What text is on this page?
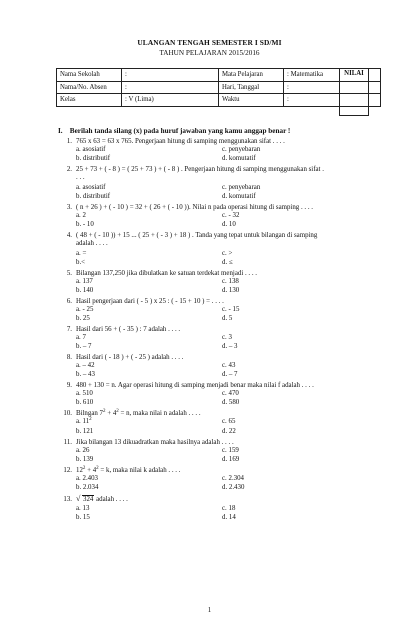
ULANGAN TENGAH SEMESTER I SD/MI
TAHUN PELAJARAN 2015/2016
Nama Sekolah	:	Mata Pelajaran	: Matematika
Nama/No. Absen	:	Hari, Tanggal	:
Kelas	: V (Lima)	Waktu	:
NILAI
I. Berilah tanda silang (x) pada huruf jawaban yang kamu anggap benar !
1. 765 x 63 = 63 x 765. Pengerjaan hitung di samping menggunakan sifat . . . .
a. asosiatif	c. penyebaran
b. distributif	d. komutatif
2. 25 + 73 + ( - 8 ) = ( 25 + 73 ) + ( - 8 ) . Pengerjaan hitung di samping menggunakan sifat .
. . .
a. asosiatif	c. penyebaran
b. distributif	d. komutatif
3. ( n + 26 ) + ( - 10 ) = 32 + ( 26 + ( - 10 )). Nilai n pada operasi hitung di samping . . . .
a. 2	c. - 32
b. - 10	d. 10
4. ( 48 + ( - 10 )) + 15 ... ( 25 + ( - 3 ) + 18 ) . Tanda yang tepat untuk bilangan di samping
adalah . . . .
a. =	c. >
b.<	d. ≤
5. Bilangan 137,250 jika dibulatkan ke satuan terdekat menjadi . . . .
a. 137	c. 138
b. 140	d. 130
6. Hasil pengerjaan dari ( - 5 ) x 25 : ( - 15 + 10 ) = . . . .
a. - 25	c. - 15
b. 25	d. 5
7. Hasil dari 56 + ( - 35 ) : 7 adalah . . . .
a. 7	c. 3
b. – 7	d. – 3
8. Hasil dari ( - 18 ) + ( - 25 ) adalah . . . .
a. – 42	c. 43
b. – 43	d. – 7
9. 480 + 130 = n. Agar operasi hitung di samping menjadi benar maka nilai f adalah . . . .
a. 510	c. 470
b. 610	d. 580
10. Bilngan $7^2 + 4^2 = n$, maka nilai n adalah . . . .
a. $11^2$	c. 65
b. 121	d. 22
11. Jika bilangan 13 dikuadratkan maka hasilnya adalah . . . .
a. 26	c. 159
b. 139	d. 169
12. $12^2 + 4^2 = k$, maka nilai k adalah . . . .
a. 2.403	c. 2.304
b. 2.034	d. 2.430
13. √ 324 adalah . . . .
a. 13	c. 18
b. 15	d. 14
1
